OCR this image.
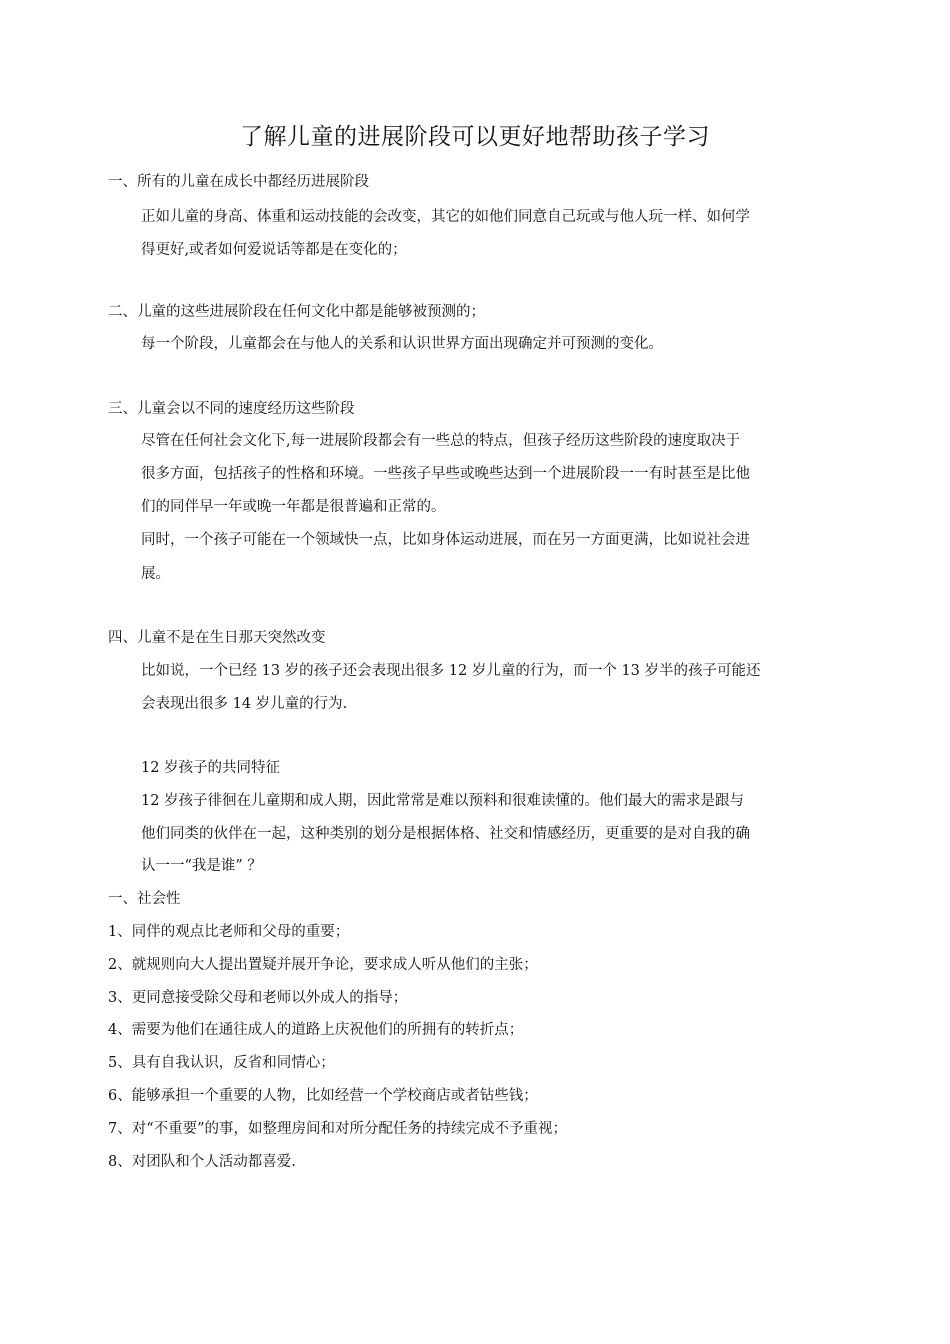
了解儿童的进展阶段可以更好地帮助孩子学习
一、所有的儿童在成长中都经历进展阶段
正如儿童的身高、体重和运动技能的会改变，其它的如他们同意自己玩或与他人玩一样、如何学
得更好,或者如何爱说话等都是在变化的；
二、儿童的这些进展阶段在任何文化中都是能够被预测的；
每一个阶段，儿童都会在与他人的关系和认识世界方面出现确定并可预测的变化。
三、儿童会以不同的速度经历这些阶段
尽管在任何社会文化下,每一进展阶段都会有一些总的特点，但孩子经历这些阶段的速度取决于
很多方面，包括孩子的性格和环境。一些孩子早些或晚些达到一个进展阶段一一有时甚至是比他
们的同伴早一年或晚一年都是很普遍和正常的。
同时，一个孩子可能在一个领域快一点，比如身体运动进展，而在另一方面更满，比如说社会进
展。
四、儿童不是在生日那天突然改变
比如说，一个已经 13 岁的孩子还会表现出很多 12 岁儿童的行为，而一个 13 岁半的孩子可能还
会表现出很多 14 岁儿童的行为.
12 岁孩子的共同特征
12 岁孩子徘徊在儿童期和成人期，因此常常是难以预料和很难读懂的。他们最大的需求是跟与
他们同类的伙伴在一起，这种类别的划分是根据体格、社交和情感经历，更重要的是对自我的确
认一一“我是谁” ？
一、社会性
1、同伴的观点比老师和父母的重要；
2、就规则向大人提出置疑并展开争论，要求成人听从他们的主张；
3、更同意接受除父母和老师以外成人的指导；
4、需要为他们在通往成人的道路上庆祝他们的所拥有的转折点；
5、具有自我认识，反省和同情心；
6、能够承担一个重要的人物，比如经营一个学校商店或者钻些钱；
7、对“不重要”的事，如整理房间和对所分配任务的持续完成不予重视；
8、对团队和个人活动都喜爱.
